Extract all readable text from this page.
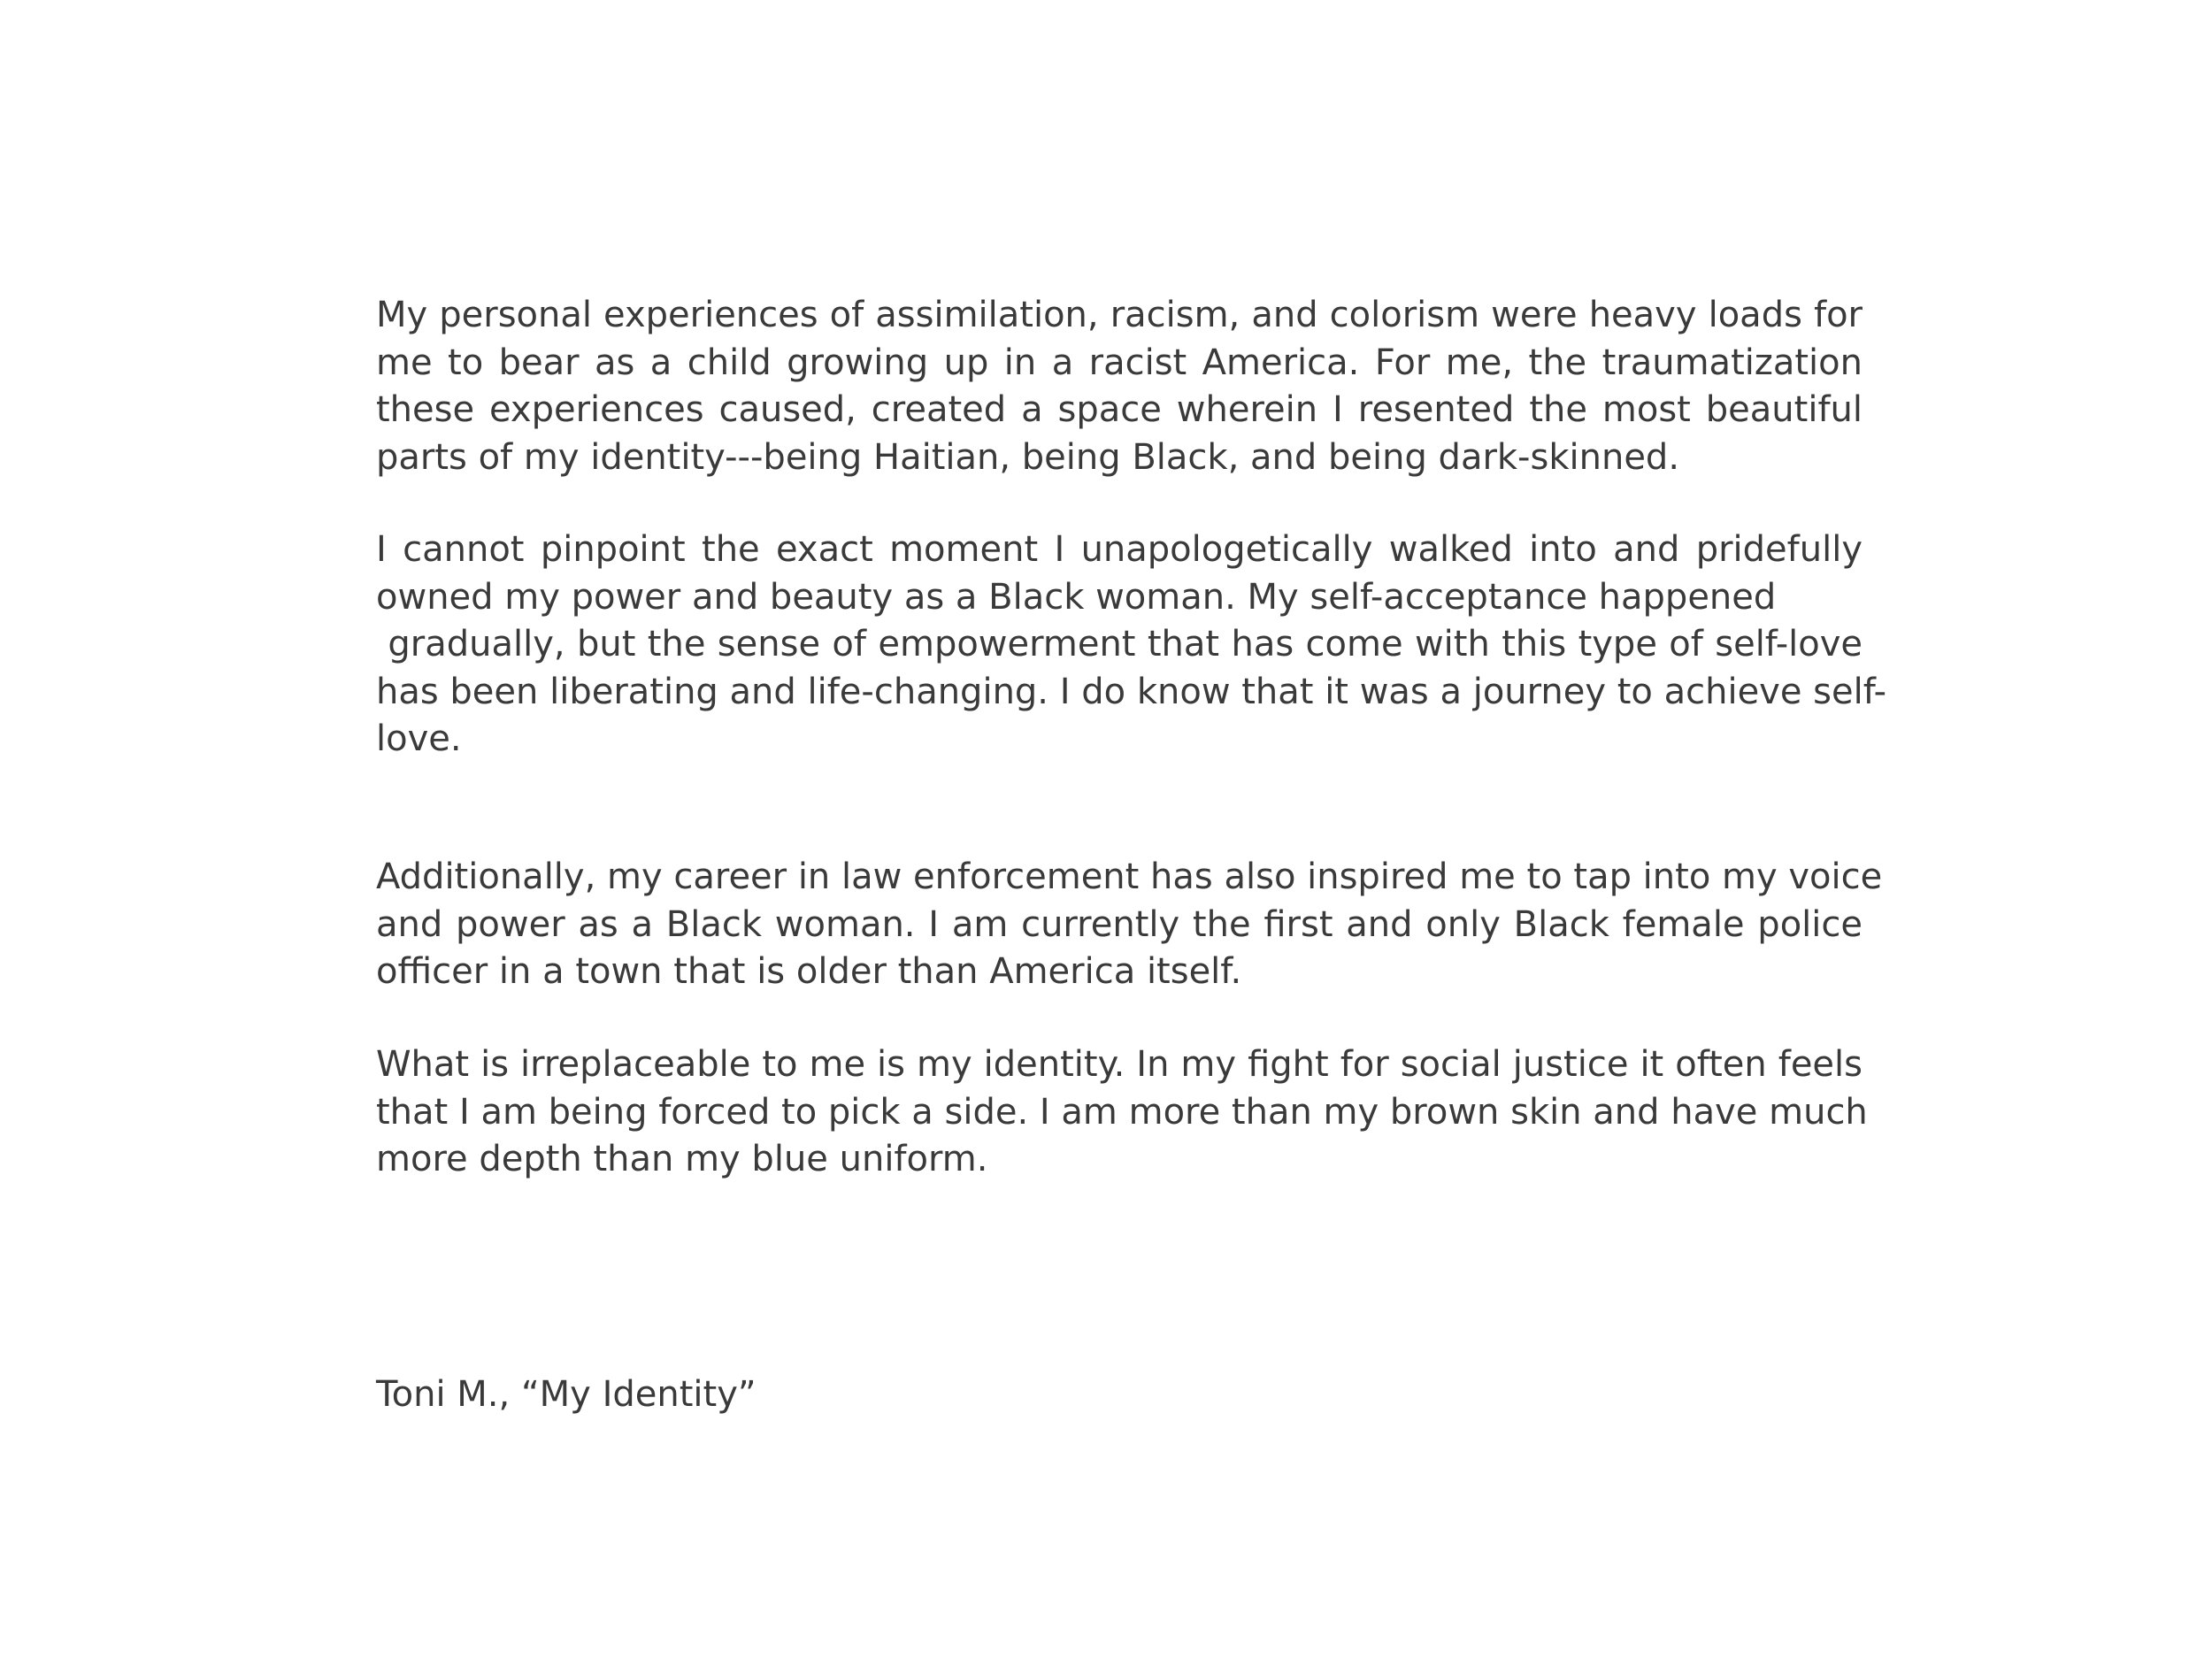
My personal experiences of assimilation, racism, and colorism were heavy loads for
me to bear as a child growing up in a racist America. For me, the traumatization
these experiences caused, created a space wherein I resented the most beautiful
parts of my identity---being Haitian, being Black, and being dark-skinned.
I cannot pinpoint the exact moment I unapologetically walked into and pridefully
owned my power and beauty as a Black woman. My self-acceptance happened
gradually, but the sense of empowerment that has come with this type of self-love
has been liberating and life-changing. I do know that it was a journey to achieve self-
love.
Additionally, my career in law enforcement has also inspired me to tap into my voice
and power as a Black woman. I am currently the first and only Black female police
officer in a town that is older than America itself.
What is irreplaceable to me is my identity. In my fight for social justice it often feels
that I am being forced to pick a side. I am more than my brown skin and have much
more depth than my blue uniform.

Toni M., “My Identity”
